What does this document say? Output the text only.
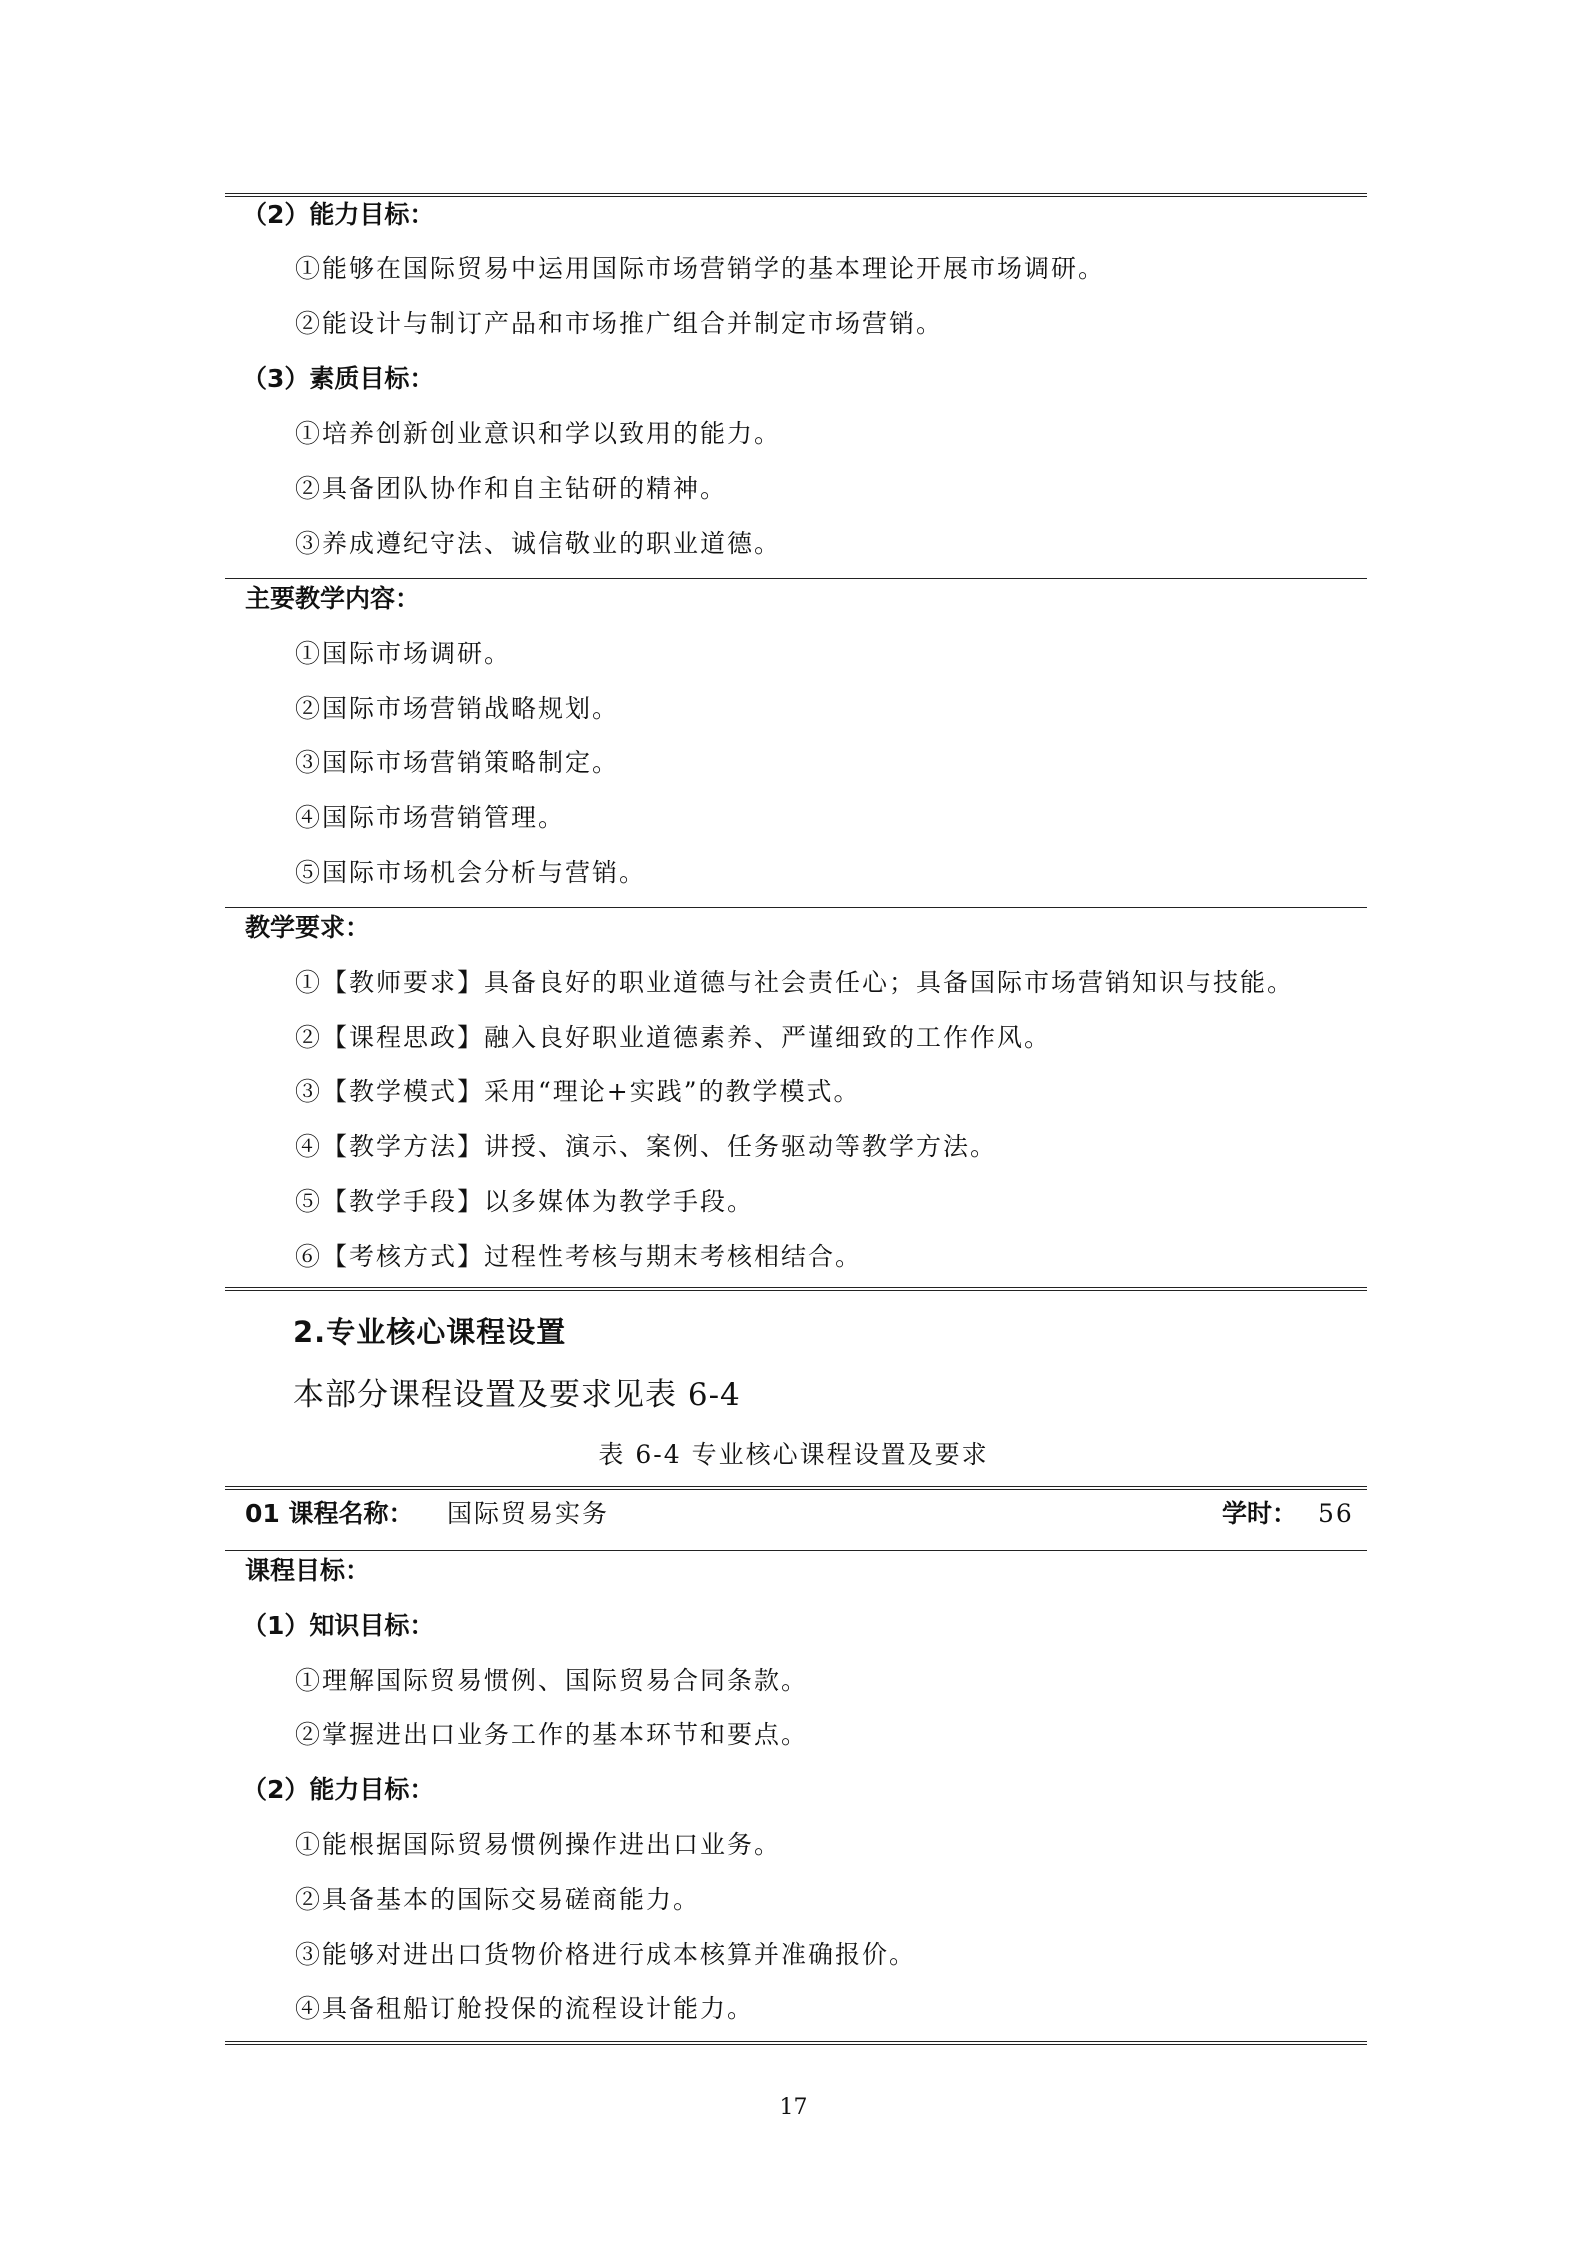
（2）能力目标：
①能够在国际贸易中运用国际市场营销学的基本理论开展市场调研。
②能设计与制订产品和市场推广组合并制定市场营销。
（3）素质目标：
①培养创新创业意识和学以致用的能力。
②具备团队协作和自主钻研的精神。
③养成遵纪守法、诚信敬业的职业道德。
主要教学内容：
①国际市场调研。
②国际市场营销战略规划。
③国际市场营销策略制定。
④国际市场营销管理。
⑤国际市场机会分析与营销。
教学要求：
①【教师要求】具备良好的职业道德与社会责任心；具备国际市场营销知识与技能。
②【课程思政】融入良好职业道德素养、严谨细致的工作作风。
③【教学模式】采用“理论+实践”的教学模式。
④【教学方法】讲授、演示、案例、任务驱动等教学方法。
⑤【教学手段】以多媒体为教学手段。
⑥【考核方式】过程性考核与期末考核相结合。
2.专业核心课程设置
本部分课程设置及要求见表 6-4
表 6-4 专业核心课程设置及要求
01 课程名称： 国际贸易实务	学时： 56
课程目标：
（1）知识目标：
①理解国际贸易惯例、国际贸易合同条款。
②掌握进出口业务工作的基本环节和要点。
（2）能力目标：
①能根据国际贸易惯例操作进出口业务。
②具备基本的国际交易磋商能力。
③能够对进出口货物价格进行成本核算并准确报价。
④具备租船订舱投保的流程设计能力。
17
